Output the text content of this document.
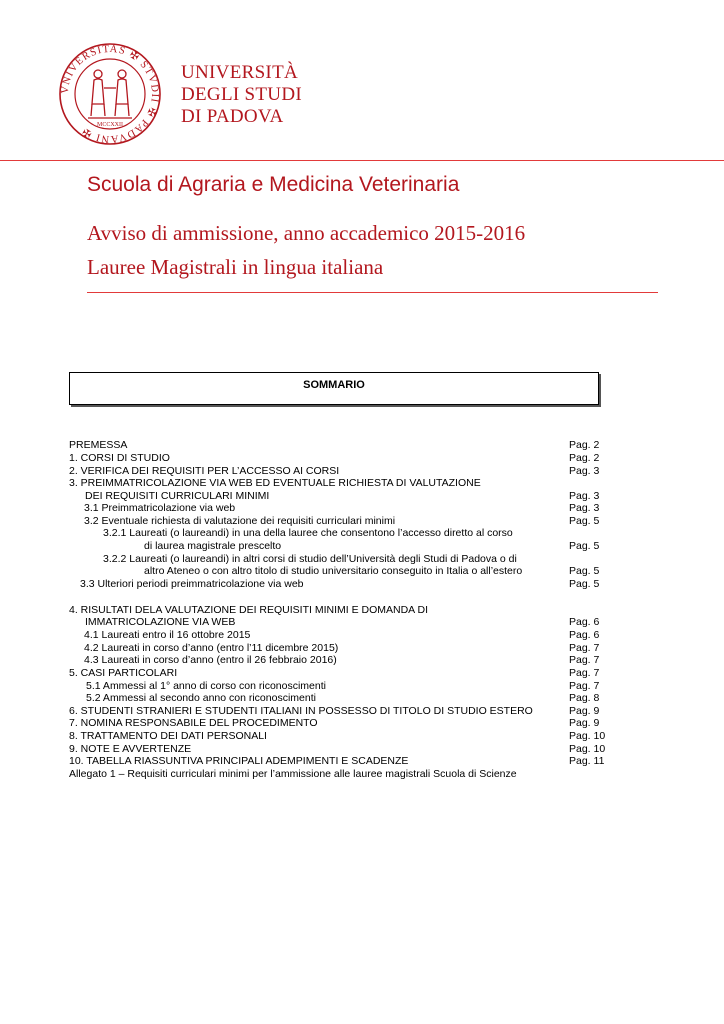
VNIVERSITAS ✠ STVDII ✠ PADVANI ✠ MCCXXII
UNIVERSITÀ
DEGLI STUDI
DI PADOVA
Scuola di Agraria e Medicina Veterinaria
Avviso di ammissione, anno accademico 2015-2016
Lauree Magistrali in lingua italiana
SOMMARIO
PREMESSA
1. CORSI DI STUDIO
2. VERIFICA DEI REQUISITI PER L’ACCESSO AI CORSI
3. PREIMMATRICOLAZIONE VIA WEB ED EVENTUALE RICHIESTA DI VALUTAZIONE
DEI REQUISITI CURRICULARI MINIMI
3.1 Preimmatricolazione via web
3.2 Eventuale richiesta di valutazione dei requisiti curriculari minimi
3.2.1 Laureati (o laureandi) in una della lauree che consentono l’accesso diretto al corso
di laurea magistrale prescelto
3.2.2 Laureati (o laureandi) in altri corsi di studio dell’Università degli Studi di Padova o di
altro Ateneo o con altro titolo di studio universitario conseguito in Italia o all’estero
3.3 Ulteriori periodi preimmatricolazione via web
4. RISULTATI DELA VALUTAZIONE DEI REQUISITI MINIMI E DOMANDA DI
IMMATRICOLAZIONE VIA WEB
4.1 Laureati entro il 16 ottobre 2015
4.2 Laureati in corso d’anno (entro l’11 dicembre 2015)
4.3 Laureati in corso d’anno (entro il 26 febbraio 2016)
5. CASI PARTICOLARI
5.1 Ammessi al 1° anno di corso con riconoscimenti
5.2 Ammessi al secondo anno con riconoscimenti
6. STUDENTI STRANIERI E STUDENTI ITALIANI IN POSSESSO DI TITOLO DI STUDIO ESTERO
7. NOMINA RESPONSABILE DEL PROCEDIMENTO
8. TRATTAMENTO DEI DATI PERSONALI
9. NOTE E AVVERTENZE
10. TABELLA RIASSUNTIVA PRINCIPALI ADEMPIMENTI E SCADENZE
Allegato 1 – Requisiti curriculari minimi per l’ammissione alle lauree magistrali Scuola di Scienze
Pag. 2
Pag. 2
Pag. 3
Pag. 3
Pag. 3
Pag. 5
Pag. 5
Pag. 5
Pag. 5
Pag. 6
Pag. 6
Pag. 7
Pag. 7
Pag. 7
Pag. 7
Pag. 8
Pag. 9
Pag. 9
Pag. 10
Pag. 10
Pag. 11
